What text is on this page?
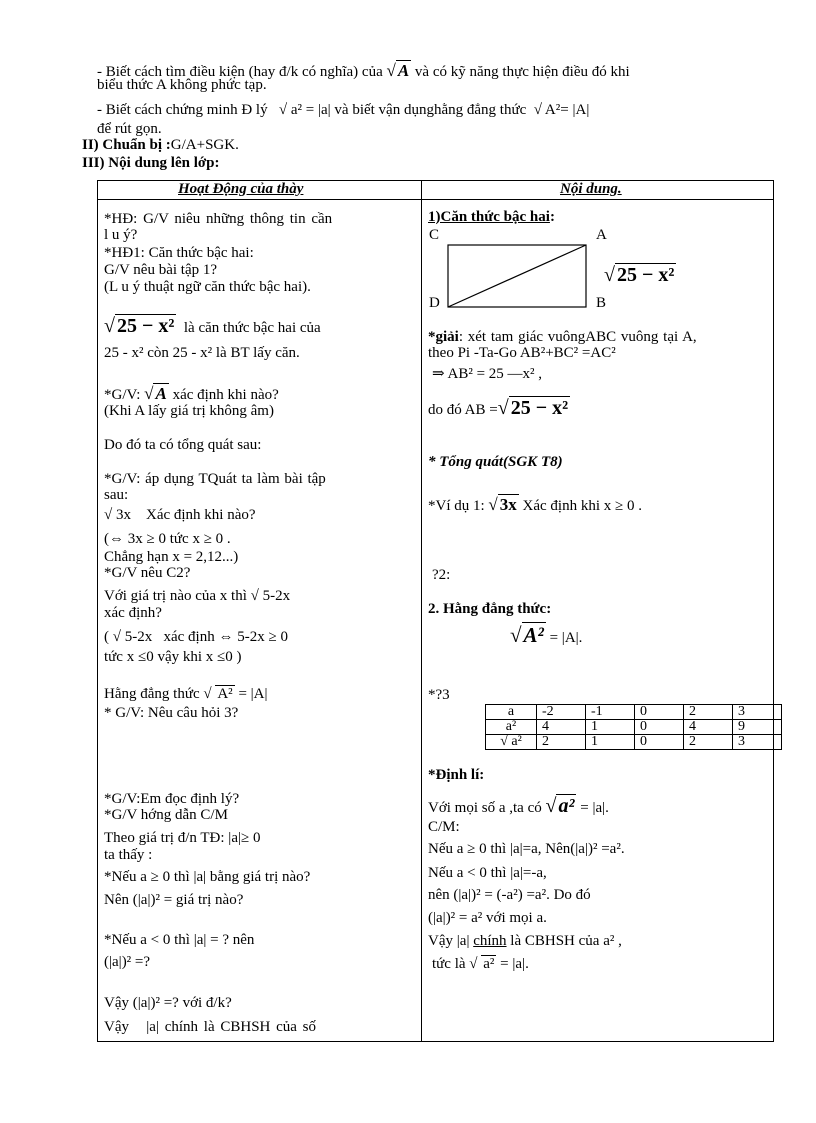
- Biết cách tìm điều kiện (hay đ/k có nghĩa) của √ A và có kỹ năng thực hiện điều đó khi
biểu thức A không phức tạp.
- Biết cách chứng minh Đ lý √ a² = |a| và biết vận dụnghằng đẳng thức √ A²= |A|
để rút gọn.
II) Chuẩn bị :G/A+SGK.
III) Nội dung lên lớp:
Hoạt Động của thày	Nội dung.
*HĐ: G/V niêu những thông tin cần
l u ý?
*HĐ1: Căn thức bậc hai:
G/V nêu bài tập 1?
(L u ý thuật ngữ căn thức bậc hai).
√ 25 − x² là căn thức bậc hai của
25 - x² còn 25 - x² là BT lấy căn.
*G/V: √ A xác định khi nào?
(Khi A lấy giá trị không âm)
Do đó ta có tổng quát sau:
*G/V: áp dụng TQuát ta làm bài tập
sau:
√ 3x Xác định khi nào?
(⇔ 3x ≥ 0 tức x ≥ 0 .
Chẳng hạn x = 2,12...)
*G/V nêu C2?
Với giá trị nào của x thì √ 5-2x
xác định?
( √ 5-2x xác định ⇔ 5-2x ≥ 0
tức x ≤0 vậy khi x ≤0 )
Hằng đẳng thức √ A² = |A|
* G/V: Nêu câu hỏi 3?
*G/V:Em đọc định lý?
*G/V hớng dẫn C/M
Theo giá trị đ/n TĐ: |a|≥ 0
ta thấy :
*Nếu a ≥ 0 thì |a| bằng giá trị nào?
Nên (|a|)² = giá trị nào?
*Nếu a < 0 thì |a| = ? nên
(|a|)² =?
Vậy (|a|)² =? với đ/k?
Vậy   |a| chính là CBHSH của số
1)Căn thức bậc hai:
C	A
D	B
√ 25 − x²
*giải: xét tam giác vuôngABC vuông tại A,
theo Pi -Ta-Go AB²+BC² =AC²
⇒ AB² = 25 —x² ,
do đó AB =√ 25 − x²
* Tổng quát(SGK T8)
*Ví dụ 1: √ 3x Xác định khi x ≥ 0 .
?2:
2. Hằng đẳng thức:
√A² = |A|.
*?3
a	-2	-1	0	2	3
a²	4	1	0	4	9
√ a²	2	1	0	2	3
*Định lí:
Với mọi số a ,ta có √ a² = |a|.
C/M:
Nếu a ≥ 0 thì |a|=a, Nên(|a|)² =a².
Nếu a < 0 thì |a|=-a,
nên (|a|)² = (-a²) =a². Do đó
(|a|)² = a² với mọi a.
Vậy |a| chính là CBHSH của a² ,
tức là √ a² = |a|.
